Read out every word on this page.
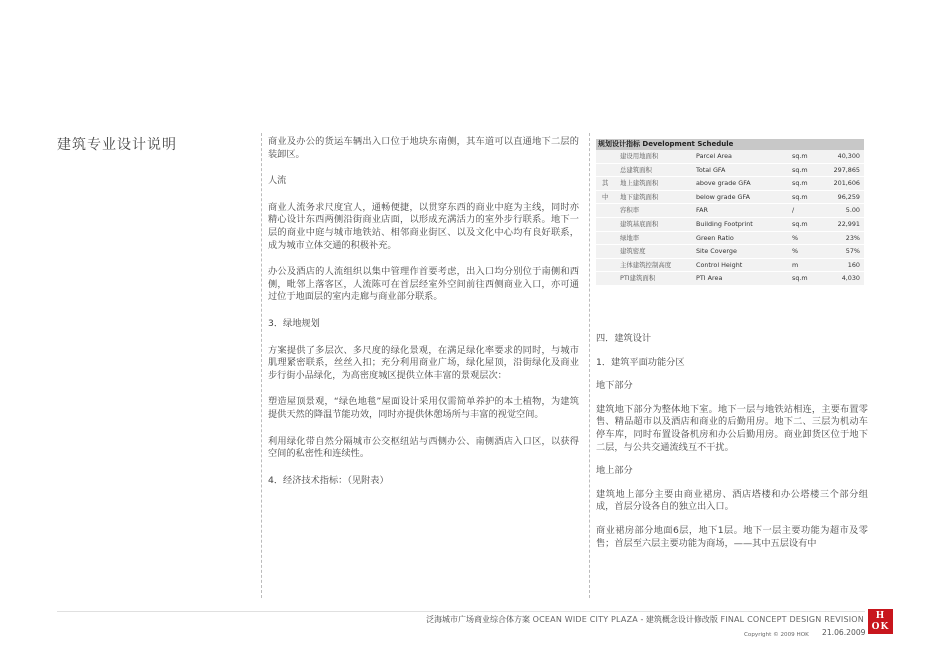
建筑专业设计说明	商业及办公的货运车辆出入口位于地块东南侧，其车道可以直通地下二层的装卸区。

人流

商业人流务求尺度宜人，通畅便捷，以贯穿东西的商业中庭为主线，同时亦精心设计东西两侧沿街商业店面，以形成充满活力的室外步行联系。地下一层的商业中庭与城市地铁站、相邻商业街区、以及文化中心均有良好联系，成为城市立体交通的积极补充。

办公及酒店的人流组织以集中管理作首要考虑，出入口均分别位于南侧和西侧，毗邻上落客区，人流陈可在首层经室外空间前往西侧商业入口，亦可通过位于地面层的室内走廊与商业部分联系。

3．绿地规划

方案提供了多层次、多尺度的绿化景观，在满足绿化率要求的同时，与城市肌理紧密联系，丝丝入扣；充分利用商业广场，绿化屋顶，沿街绿化及商业步行街小品绿化，为高密度城区提供立体丰富的景观层次：

塑造屋顶景观，“绿色地毯”屋面设计采用仅需简单养护的本土植物，为建筑提供天然的降温节能功效，同时亦提供休憩场所与丰富的视觉空间。

利用绿化带自然分隔城市公交枢纽站与西侧办公、南侧酒店入口区，以获得空间的私密性和连续性。

4．经济技术指标：（见附表）

规划设计指标 Development Schedule
建设用地面积	Parcel Area	sq.m	40,300
总建筑面积	Total GFA	sq.m	297,865
其 地上建筑面积	above grade GFA	sq.m	201,606
中 地下建筑面积	below grade GFA	sq.m	96,259
容积率	FAR	/	5.00
建筑基底面积	Building Footprint	sq.m	22,991
绿地率	Green Ratio	%	23%
建筑密度	Site Coverge	%	57%
主体建筑控制高度	Control Height	m	160
PTI建筑面积	PTI Area	sq.m	4,030

四．建筑设计

1．建筑平面功能分区

地下部分

建筑地下部分为整体地下室。地下一层与地铁站相连，主要布置零售、精品超市以及酒店和商业的后勤用房。地下二、三层为机动车停车库，同时布置设备机房和办公后勤用房。商业卸货区位于地下二层，与公共交通流线互不干扰。

地上部分

建筑地上部分主要由商业裙房、酒店塔楼和办公塔楼三个部分组成，首层分设各自的独立出入口。

商业裙房部分地面6层，地下1层。地下一层主要功能为超市及零售；首层至六层主要功能为商场，——其中五层设有中

泛海城市广场商业综合体方案 OCEAN WIDE CITY PLAZA - 建筑概念设计修改版 FINAL CONCEPT DESIGN REVISION
Copyright © 2009 HOK 21.06.2009
HOK
